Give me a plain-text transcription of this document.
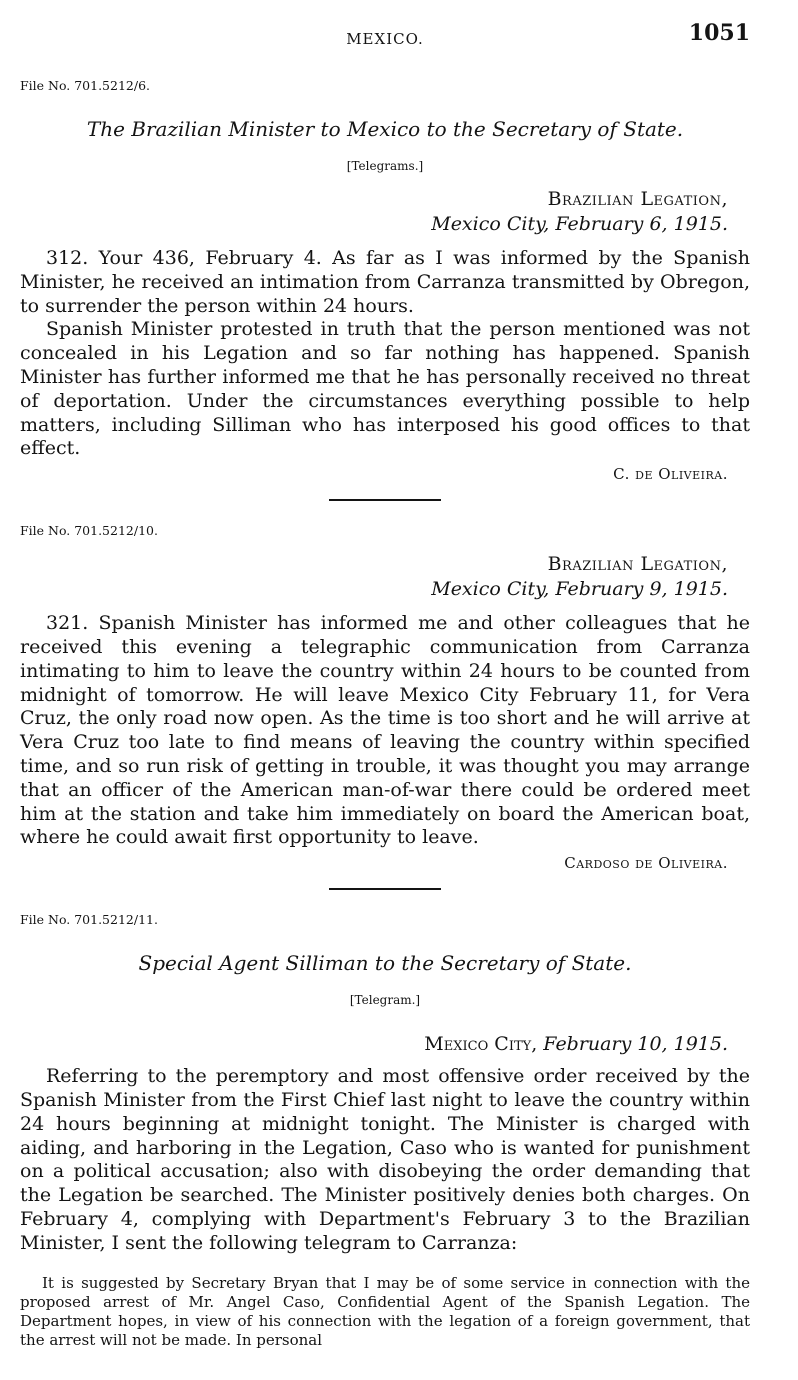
MEXICO.	1051
File No. 701.5212/6.
The Brazilian Minister to Mexico to the Secretary of State.
[Telegrams.]
Brazilian Legation,
Mexico City, February 6, 1915.

312. Your 436, February 4. As far as I was informed by the Spanish Minister, he received an intimation from Carranza transmitted by Obregon, to surrender the person within 24 hours.

Spanish Minister protested in truth that the person mentioned was not concealed in his Legation and so far nothing has happened. Spanish Minister has further informed me that he has personally received no threat of deportation. Under the circumstances everything possible to help matters, including Silliman who has interposed his good offices to that effect.

C. de Oliveira.
File No. 701.5212/10.
Brazilian Legation,
Mexico City, February 9, 1915.

321. Spanish Minister has informed me and other colleagues that he received this evening a telegraphic communication from Carranza intimating to him to leave the country within 24 hours to be counted from midnight of tomorrow. He will leave Mexico City February 11, for Vera Cruz, the only road now open. As the time is too short and he will arrive at Vera Cruz too late to find means of leaving the country within specified time, and so run risk of getting in trouble, it was thought you may arrange that an officer of the American man-of-war there could be ordered meet him at the station and take him immediately on board the American boat, where he could await first opportunity to leave.

Cardoso de Oliveira.
File No. 701.5212/11.
Special Agent Silliman to the Secretary of State.
[Telegram.]
Mexico City, February 10, 1915.

Referring to the peremptory and most offensive order received by the Spanish Minister from the First Chief last night to leave the country within 24 hours beginning at midnight tonight. The Minister is charged with aiding, and harboring in the Legation, Caso who is wanted for punishment on a political accusation; also with disobeying the order demanding that the Legation be searched. The Minister positively denies both charges. On February 4, complying with Department's February 3 to the Brazilian Minister, I sent the following telegram to Carranza:

It is suggested by Secretary Bryan that I may be of some service in connection with the proposed arrest of Mr. Angel Caso, Confidential Agent of the Spanish Legation. The Department hopes, in view of his connection with the legation of a foreign government, that the arrest will not be made. In personal
